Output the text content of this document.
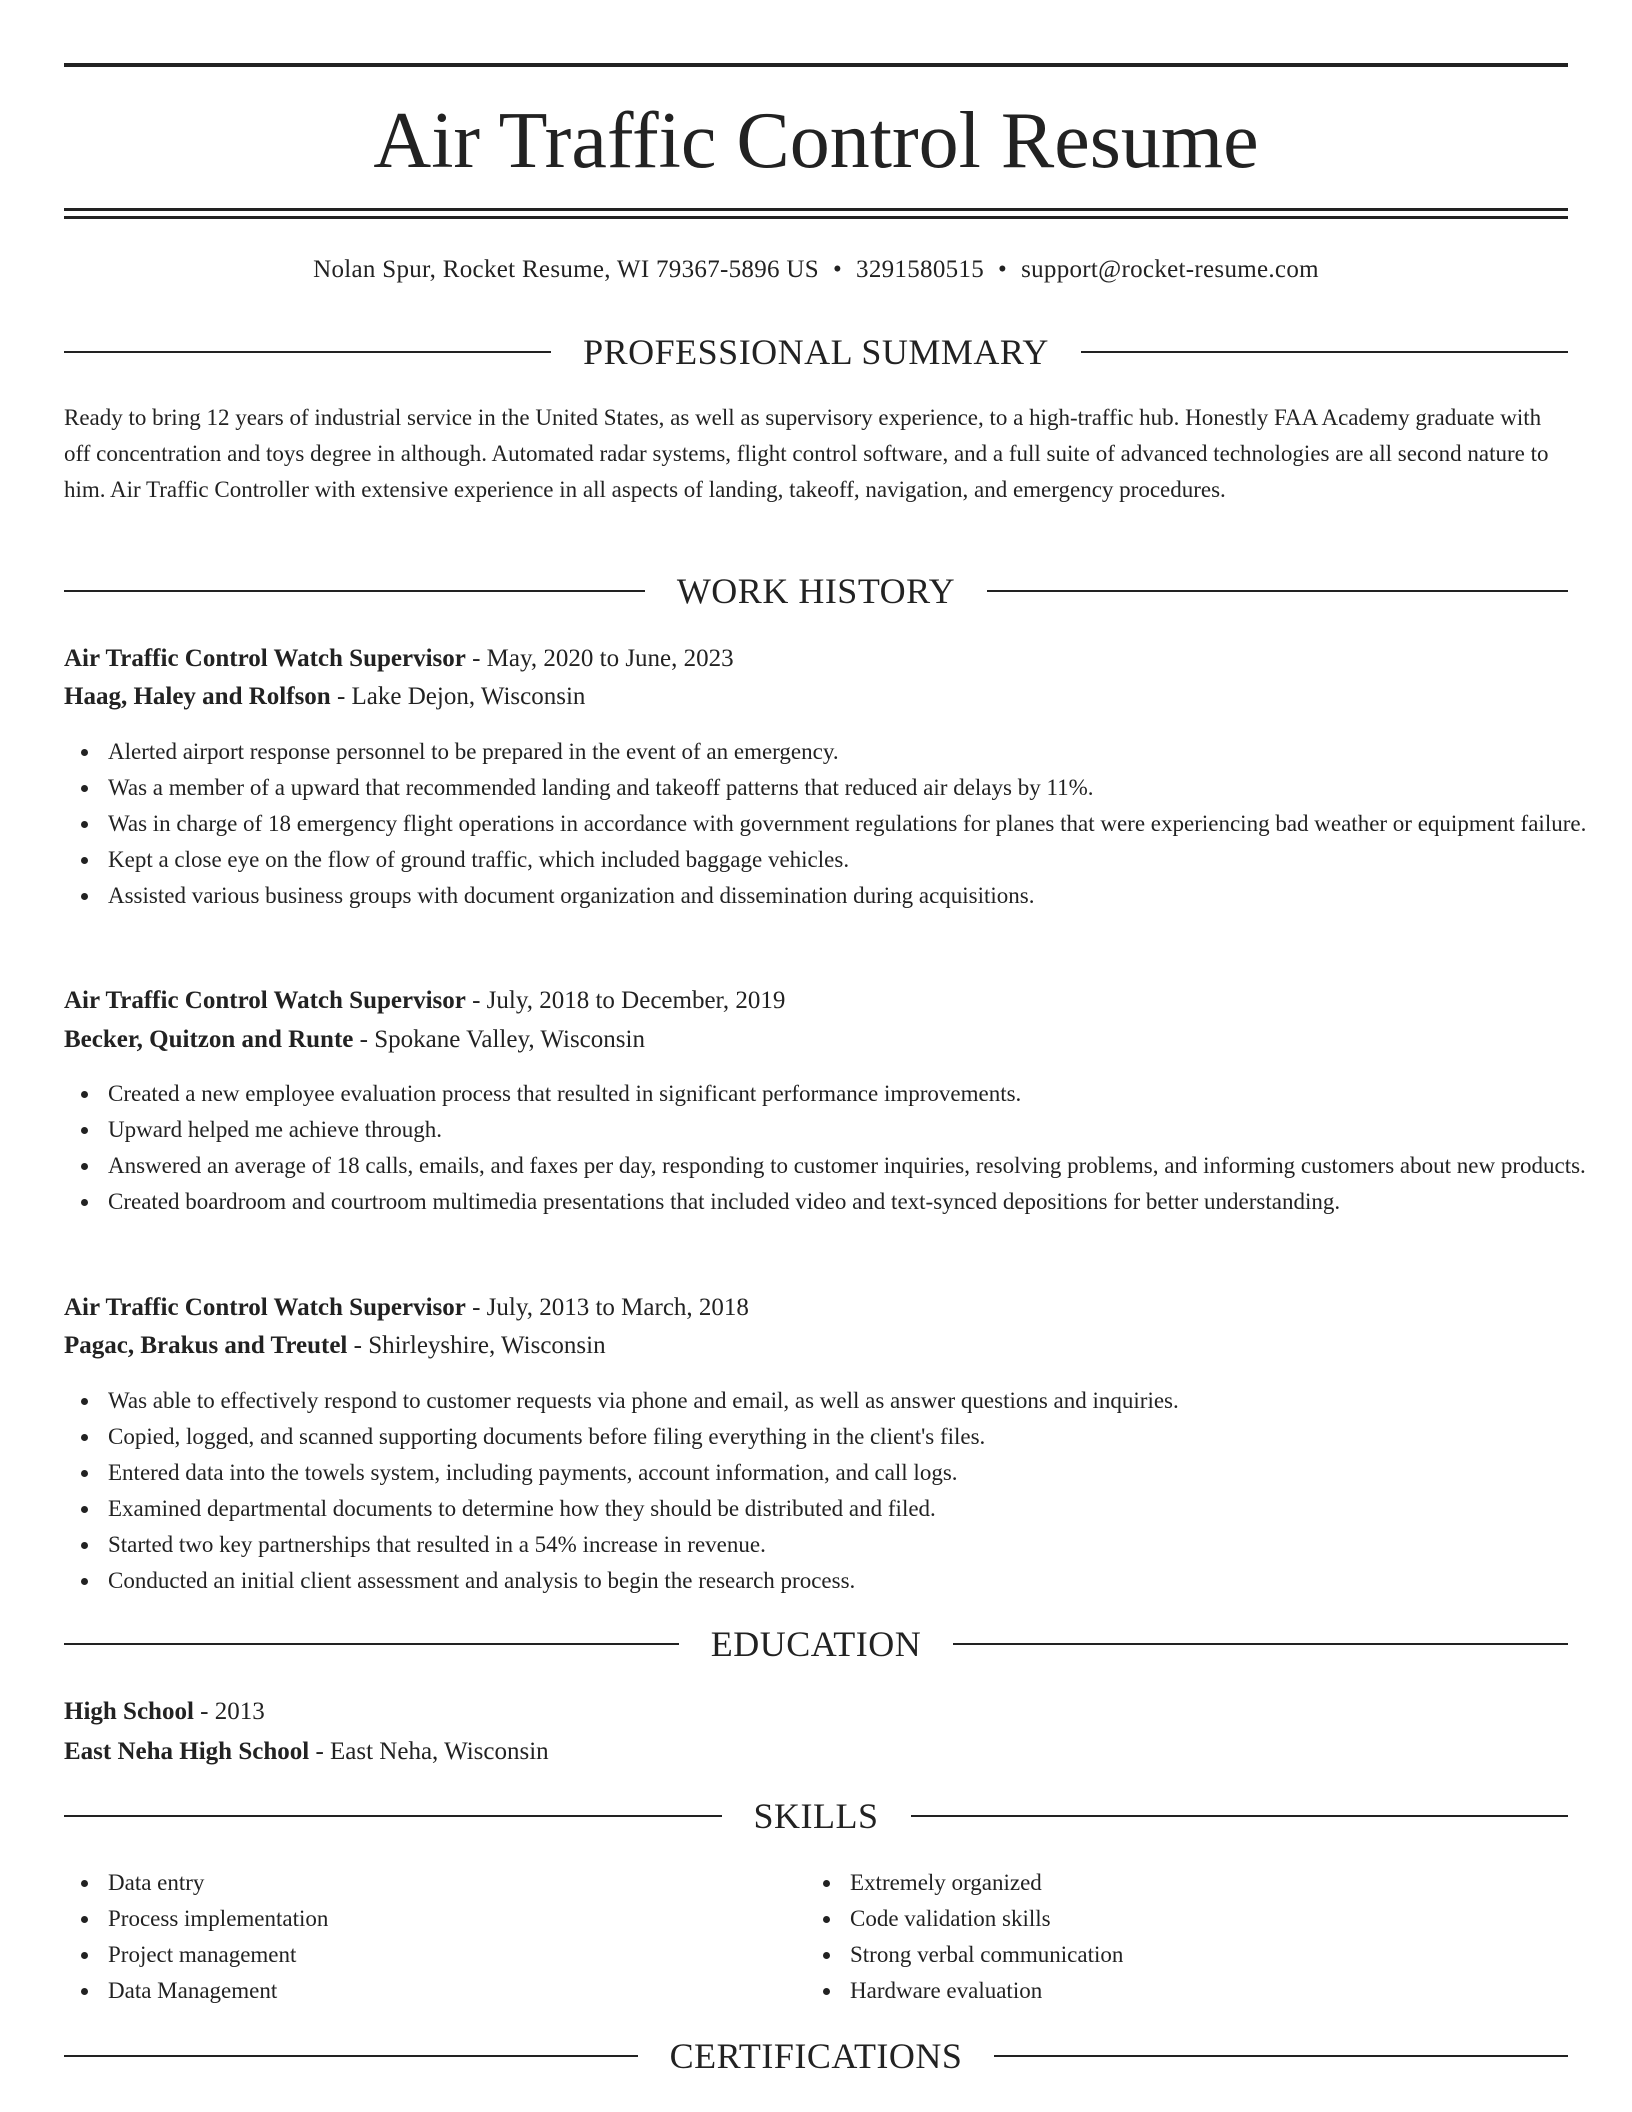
Air Traffic Control Resume
Nolan Spur, Rocket Resume, WI 79367-5896 US • 3291580515 • support@rocket-resume.com
PROFESSIONAL SUMMARY

Ready to bring 12 years of industrial service in the United States, as well as supervisory experience, to a high-traffic hub. Honestly FAA Academy graduate with off concentration and toys degree in although. Automated radar systems, flight control software, and a full suite of advanced technologies are all second nature to him. Air Traffic Controller with extensive experience in all aspects of landing, takeoff, navigation, and emergency procedures.

WORK HISTORY
Air Traffic Control Watch Supervisor - May, 2020 to June, 2023
Haag, Haley and Rolfson - Lake Dejon, Wisconsin
Alerted airport response personnel to be prepared in the event of an emergency.
Was a member of a upward that recommended landing and takeoff patterns that reduced air delays by 11%.
Was in charge of 18 emergency flight operations in accordance with government regulations for planes that were experiencing bad weather or equipment failure.
Kept a close eye on the flow of ground traffic, which included baggage vehicles.
Assisted various business groups with document organization and dissemination during acquisitions.
Air Traffic Control Watch Supervisor - July, 2018 to December, 2019
Becker, Quitzon and Runte - Spokane Valley, Wisconsin
Created a new employee evaluation process that resulted in significant performance improvements.
Upward helped me achieve through.
Answered an average of 18 calls, emails, and faxes per day, responding to customer inquiries, resolving problems, and informing customers about new products.
Created boardroom and courtroom multimedia presentations that included video and text-synced depositions for better understanding.
Air Traffic Control Watch Supervisor - July, 2013 to March, 2018
Pagac, Brakus and Treutel - Shirleyshire, Wisconsin
Was able to effectively respond to customer requests via phone and email, as well as answer questions and inquiries.
Copied, logged, and scanned supporting documents before filing everything in the client's files.
Entered data into the towels system, including payments, account information, and call logs.
Examined departmental documents to determine how they should be distributed and filed.
Started two key partnerships that resulted in a 54% increase in revenue.
Conducted an initial client assessment and analysis to begin the research process.
EDUCATION
High School - 2013
East Neha High School - East Neha, Wisconsin
SKILLS
Data entry
Process implementation
Project management
Data Management
Extremely organized
Code validation skills
Strong verbal communication
Hardware evaluation
CERTIFICATIONS
